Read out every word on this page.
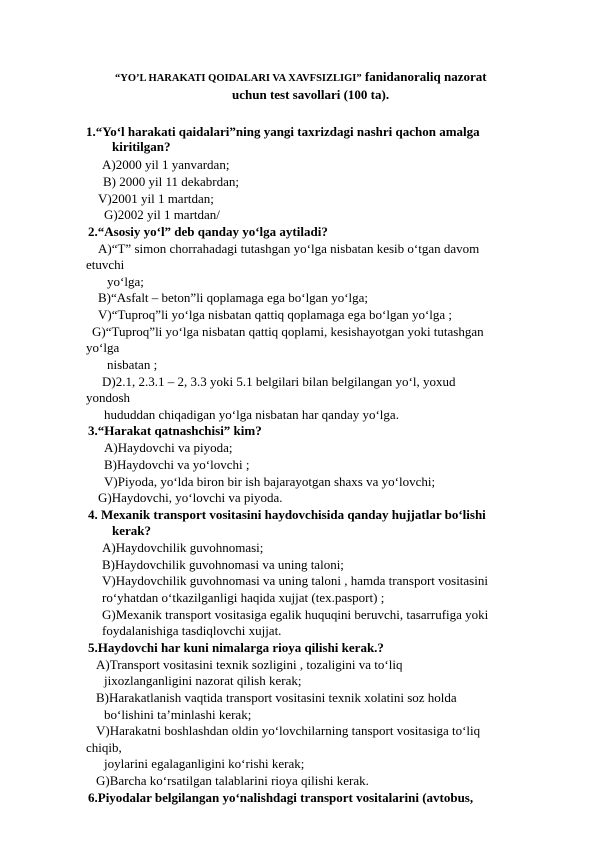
“YO’L HARAKATI QOIDALARI VA XAVFSIZLIGI” fanidanoraliq nazorat
uchun test savollari (100 ta).
1.“Yo‘l harakati qaidalari”ning yangi taxrizdagi nashri qachon amalga
kiritilgan?
A)2000 yil 1 yanvardan;
B) 2000 yil 11 dekabrdan;
V)2001 yil 1 martdan;
G)2002 yil 1 martdan/
2.“Asosiy yo‘l” deb qanday yo‘lga aytiladi?
A)“T” simon chorrahadagi tutashgan yo‘lga nisbatan kesib o‘tgan davom
etuvchi
yo‘lga;
B)“Asfalt – beton”li qoplamaga ega bo‘lgan yo‘lga;
V)“Tuproq”li yo‘lga nisbatan qattiq qoplamaga ega bo‘lgan yo‘lga ;
G)“Tuproq”li yo‘lga nisbatan qattiq qoplami, kesishayotgan yoki tutashgan
yo‘lga
nisbatan ;
D)2.1, 2.3.1 – 2, 3.3 yoki 5.1 belgilari bilan belgilangan yo‘l, yoxud
yondosh
hududdan chiqadigan yo‘lga nisbatan har qanday yo‘lga.
3.“Harakat qatnashchisi” kim?
A)Haydovchi va piyoda;
B)Haydovchi va yo‘lovchi ;
V)Piyoda, yo‘lda biron bir ish bajarayotgan shaxs va yo‘lovchi;
G)Haydovchi, yo‘lovchi va piyoda.
4. Mexanik transport vositasini haydovchisida qanday hujjatlar bo‘lishi
kerak?
A)Haydovchilik guvohnomasi;
B)Haydovchilik guvohnomasi va uning taloni;
V)Haydovchilik guvohnomasi va uning taloni , hamda transport vositasini
ro‘yhatdan o‘tkazilganligi haqida xujjat (tex.pasport) ;
G)Mexanik transport vositasiga egalik huquqini beruvchi, tasarrufiga yoki
foydalanishiga tasdiqlovchi xujjat.
5.Haydovchi har kuni nimalarga rioya qilishi kerak.?
A)Transport vositasini texnik sozligini , tozaligini va to‘liq
jixozlanganligini nazorat qilish kerak;
B)Harakatlanish vaqtida transport vositasini texnik xolatini soz holda
bo‘lishini ta’minlashi kerak;
V)Harakatni boshlashdan oldin yo‘lovchilarning tansport vositasiga to‘liq
chiqib,
joylarini egalaganligini ko‘rishi kerak;
G)Barcha ko‘rsatilgan talablarini rioya qilishi kerak.
6.Piyodalar belgilangan yo‘nalishdagi transport vositalarini (avtobus,
